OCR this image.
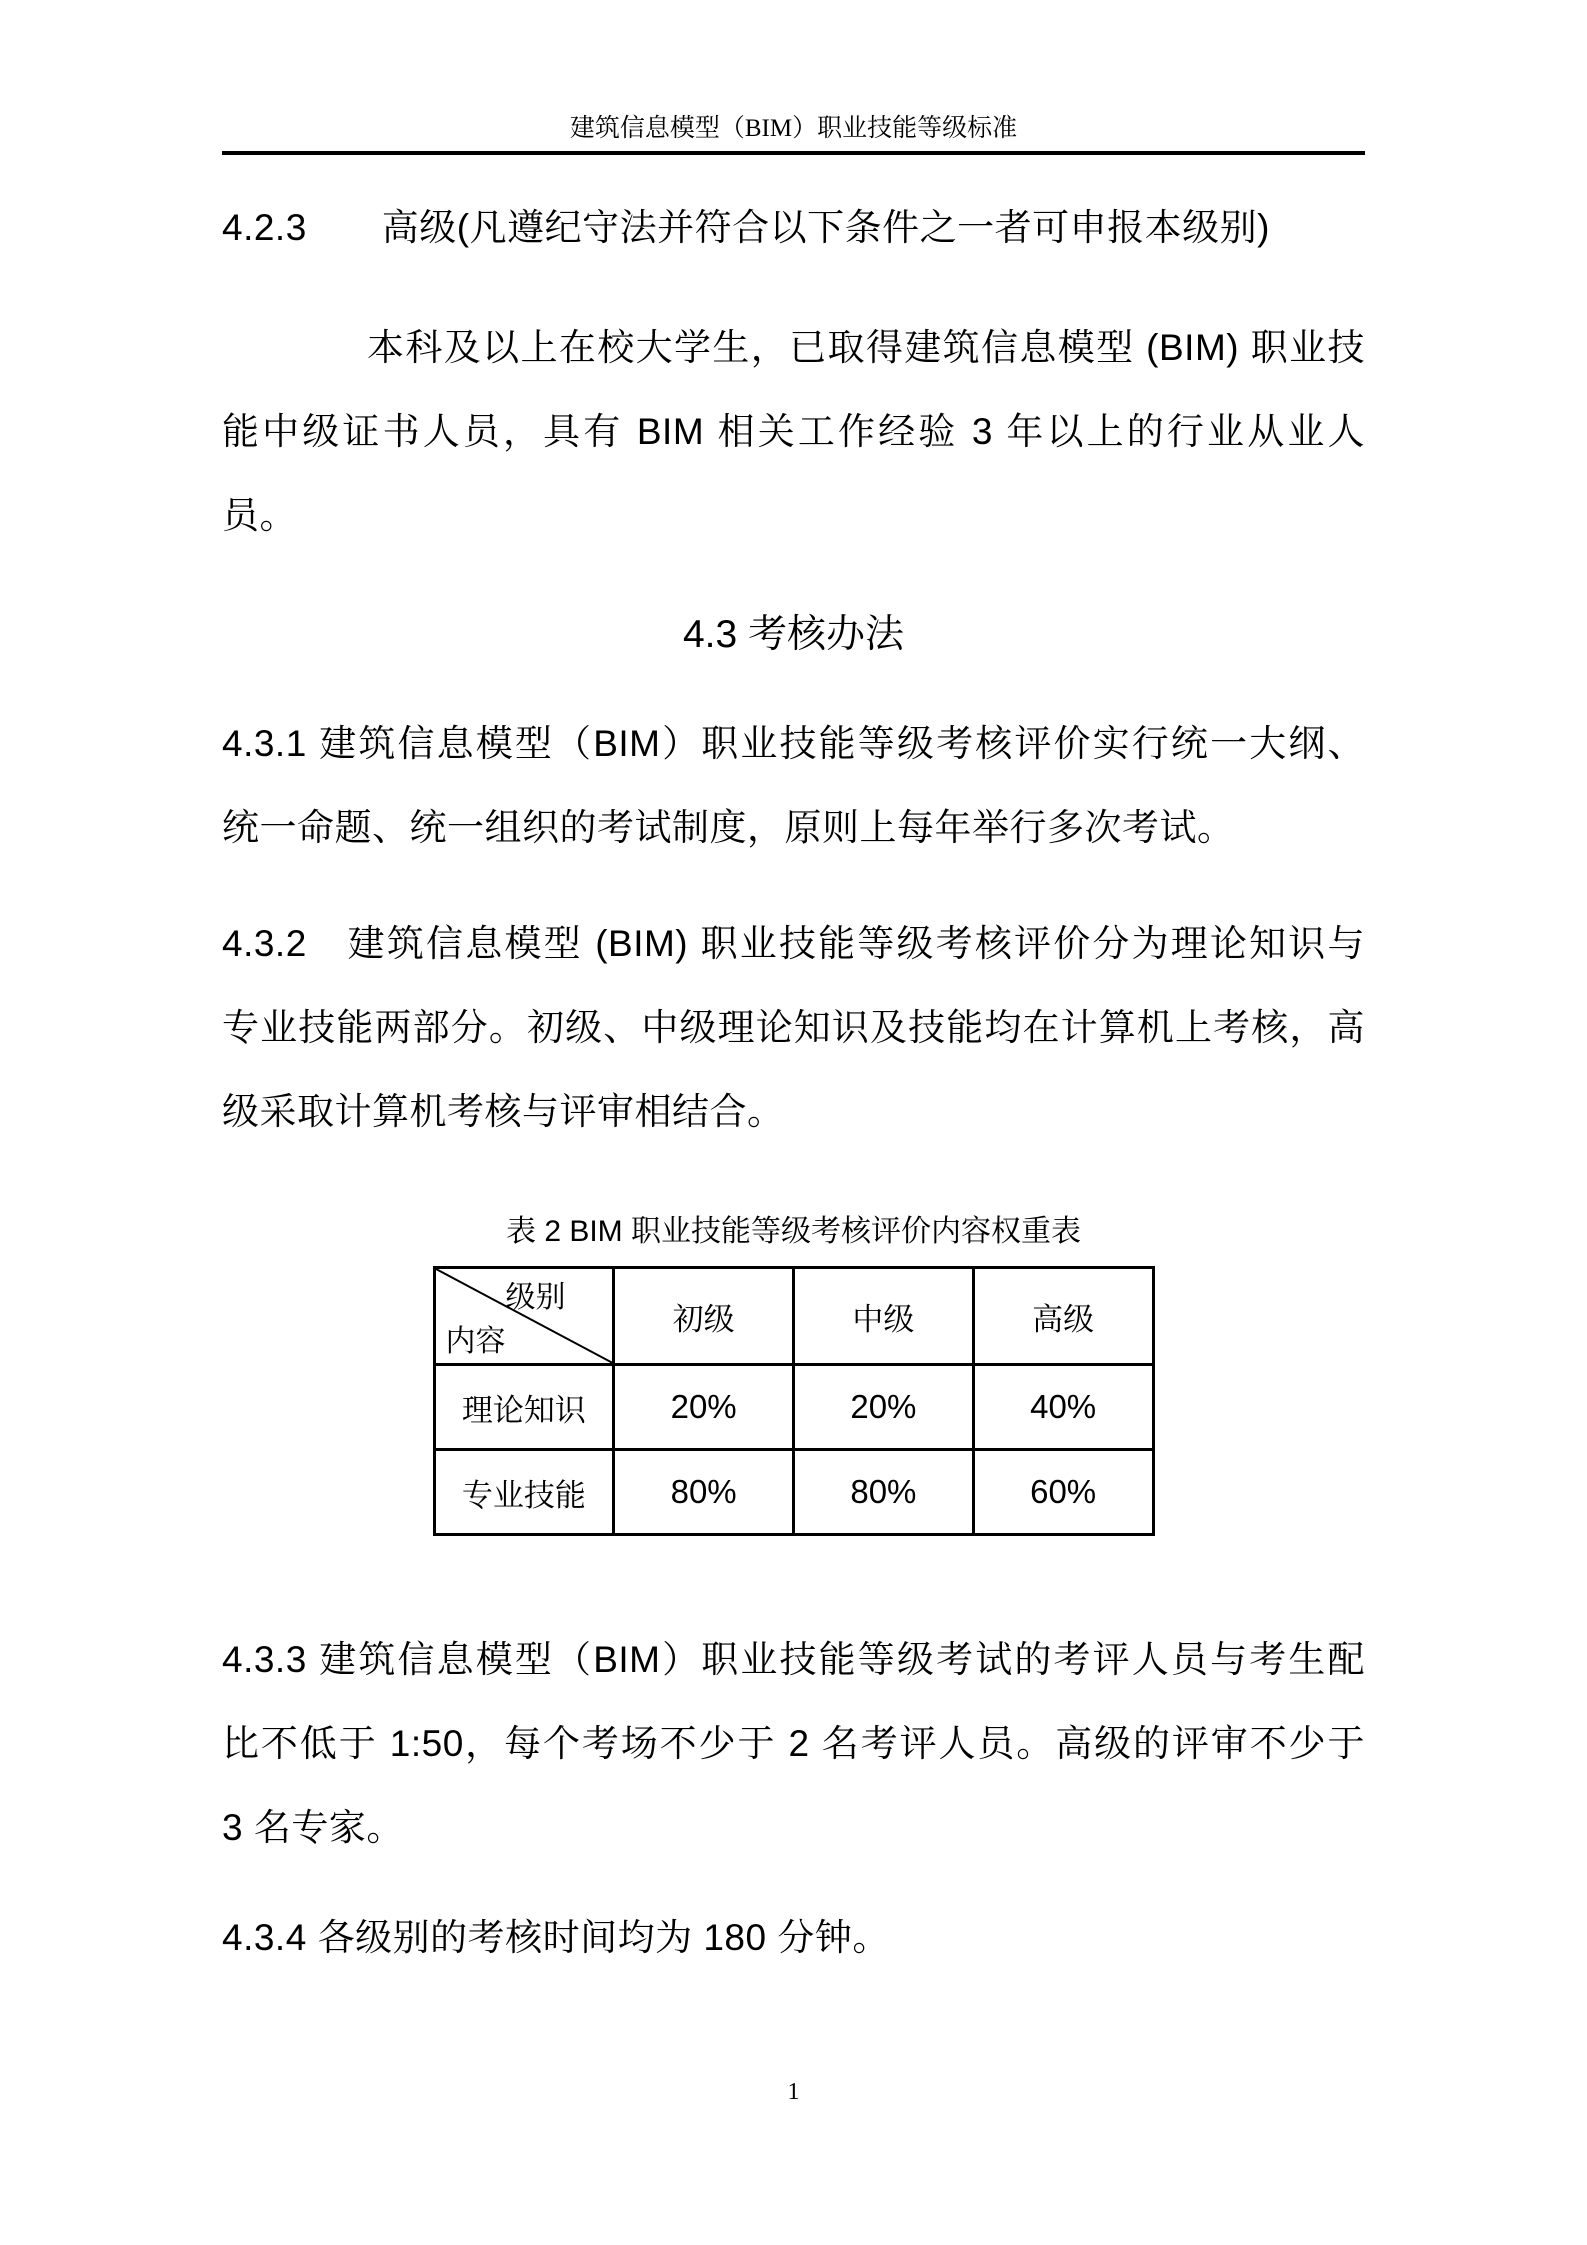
建筑信息模型（BIM）职业技能等级标准
4.2.3　　高级(凡遵纪守法并符合以下条件之一者可申报本级别)
本科及以上在校大学生，已取得建筑信息模型 (BIM) 职业技
能中级证书人员，具有 BIM 相关工作经验 3 年以上的行业从业人
员。
4.3 考核办法
4.3.1 建筑信息模型（BIM）职业技能等级考核评价实行统一大纲、
统一命题、统一组织的考试制度，原则上每年举行多次考试。
4.3.2　建筑信息模型 (BIM) 职业技能等级考核评价分为理论知识与
专业技能两部分。初级、中级理论知识及技能均在计算机上考核，高
级采取计算机考核与评审相结合。
表 2 BIM 职业技能等级考核评价内容权重表
级别
内容	初级	中级	高级
理论知识	20%	20%	40%
专业技能	80%	80%	60%
4.3.3 建筑信息模型（BIM）职业技能等级考试的考评人员与考生配
比不低于 1:50，每个考场不少于 2 名考评人员。高级的评审不少于
3 名专家。
4.3.4 各级别的考核时间均为 180 分钟。
1
